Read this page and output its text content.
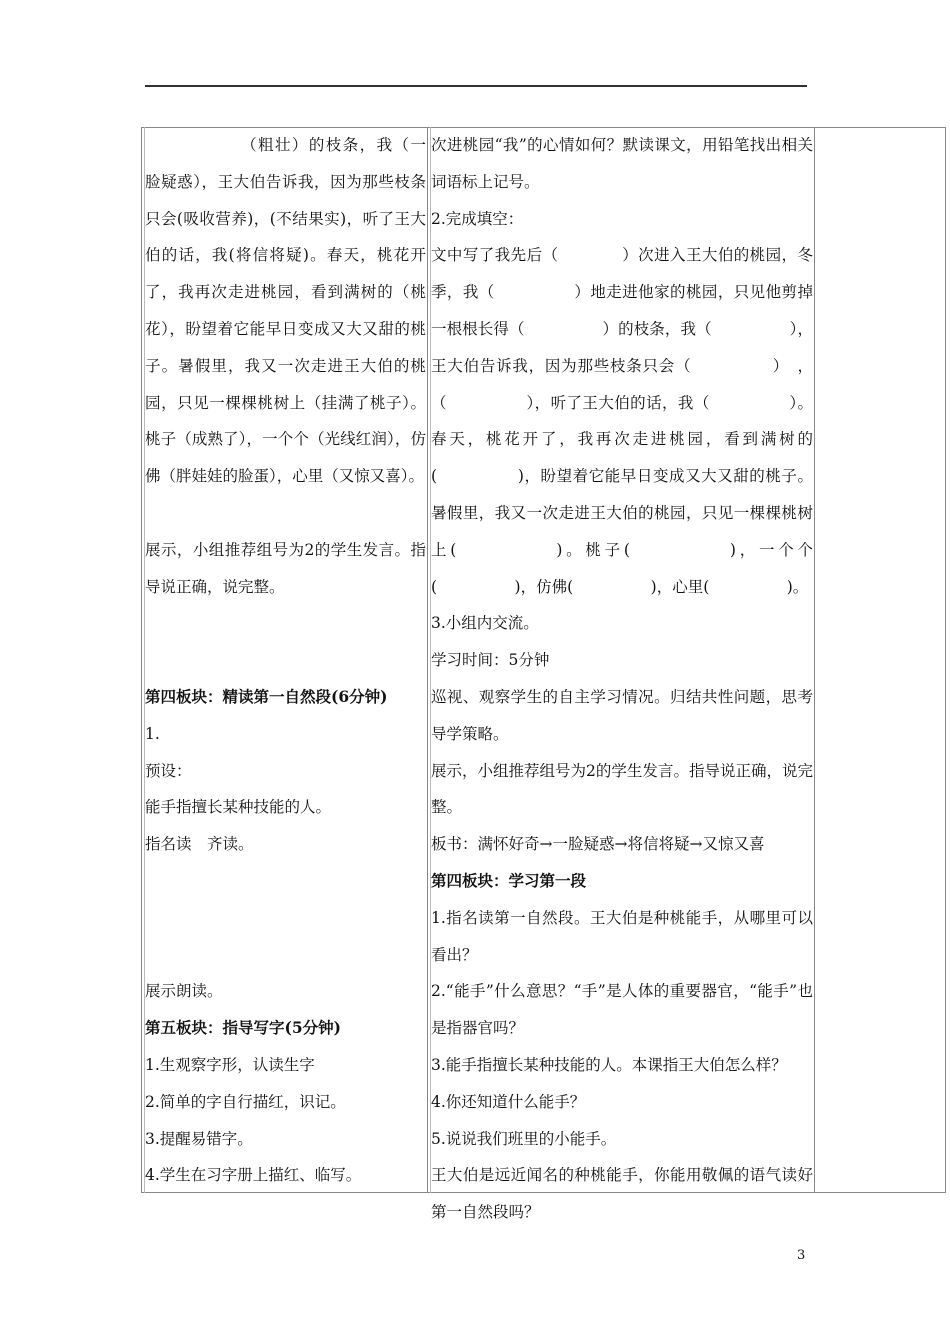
（粗壮）的枝条，我（一脸疑惑），王大伯告诉我，因为那些枝条只会(吸收营养)，(不结果实)，听了王大伯的话，我(将信将疑)。春天，桃花开了，我再次走进桃园，看到满树的（桃花），盼望着它能早日变成又大又甜的桃子。暑假里，我又一次走进王大伯的桃园，只见一棵棵桃树上（挂满了桃子）。桃子（成熟了），一个个（光线红润），仿佛（胖娃娃的脸蛋），心里（又惊又喜）。

展示，小组推荐组号为2的学生发言。指导说正确，说完整。

第四板块：精读第一自然段(6分钟)

1.

预设：

能手指擅长某种技能的人。

指名读　齐读。

展示朗读。

第五板块：指导写字(5分钟)

1.生观察字形，认读生字

2.简单的字自行描红，识记。

3.提醒易错字。

4.学生在习字册上描红、临写。

次进桃园“我”的心情如何？默读课文，用铅笔找出相关词语标上记号。

2.完成填空：

文中写了我先后（　　　　）次进入王大伯的桃园，冬季，我（　　　　　）地走进他家的桃园，只见他剪掉一根根长得（　　　　　）的枝条，我（　　　　　），王大伯告诉我，因为那些枝条只会（　　　　　）　，（　　　　　），听了王大伯的话，我（　　　　　）。春天，桃花开了，我再次走进桃园，看到满树的(　　　　　)，盼望着它能早日变成又大又甜的桃子。暑假里，我又一次走进王大伯的桃园，只见一棵棵桃树上(　　　　　)。桃子(　　　　　)，一个个(　　　　　)，仿佛(　　　　　)，心里(　　　　　)。

3.小组内交流。

学习时间：5分钟

巡视、观察学生的自主学习情况。归结共性问题，思考导学策略。

展示，小组推荐组号为2的学生发言。指导说正确，说完整。

板书：满怀好奇→一脸疑惑→将信将疑→又惊又喜

第四板块：学习第一段

1.指名读第一自然段。王大伯是种桃能手，从哪里可以看出？

2.“能手”什么意思？“手”是人体的重要器官，“能手”也是指器官吗？

3.能手指擅长某种技能的人。本课指王大伯怎么样？

4.你还知道什么能手？

5.说说我们班里的小能手。

王大伯是远近闻名的种桃能手，你能用敬佩的语气读好第一自然段吗？

3
